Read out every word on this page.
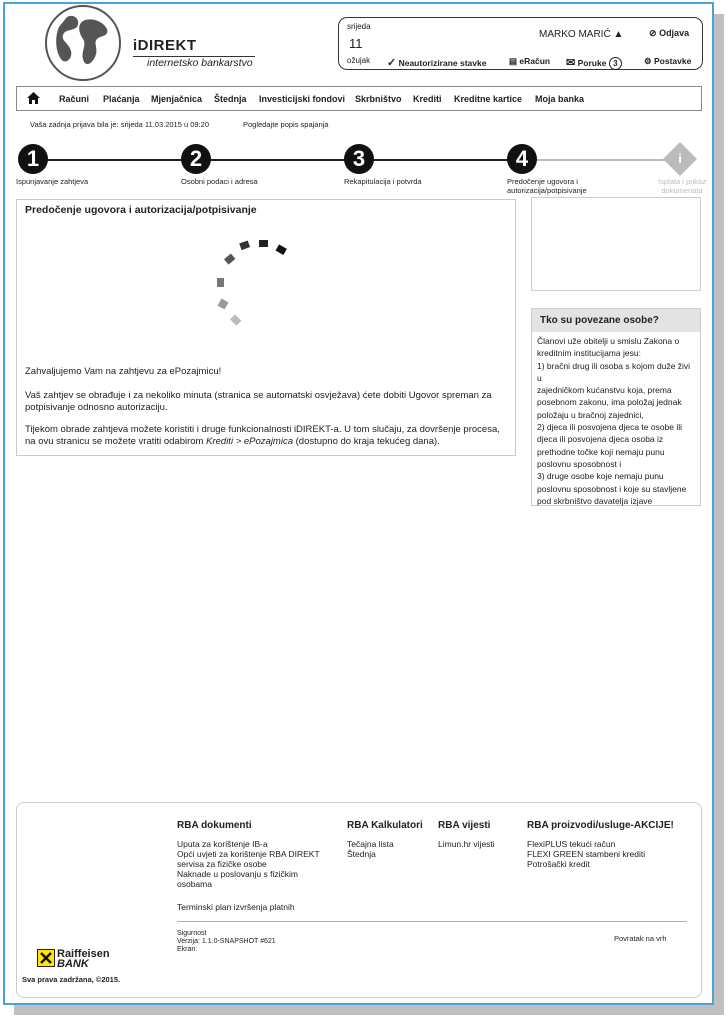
iDIREKT
internetsko bankarstvo
srijeda
11
ožujak
MARKO MARIĆ ▲	⊘ Odjava
✓ Neautorizirane stavke	▤ eRačun ✉ Poruke 3	⚙ Postavke
Računi Plaćanja Mjenjačnica Štednja Investicijski fondovi Skrbništvo Krediti Kreditne kartice Moja banka
Vaša zadnja prijava bila je: srijeda 11.03.2015 u 09:20	Pogledajte popis spajanja
1	2	3	4	i
Ispunjavanje zahtjeva	Osobni podaci i adresa	Rekapitulacija i potvrda	Predočenje ugovora i
autorizacija/potpisivanje
Isplata i prikaz
dokumenata
Predočenje ugovora i autorizacija/potpisivanje

Zahvaljujemo Vam na zahtjevu za ePozajmicu!

Vaš zahtjev se obrađuje i za nekoliko minuta (stranica se automatski osvježava) ćete dobiti Ugovor spreman za potpisivanje odnosno autorizaciju.

Tijekom obrade zahtjeva možete koristiti i druge funkcionalnosti iDIREKT-a. U tom slučaju, za dovršenje procesa, na ovu stranicu se možete vratiti odabirom Krediti > ePozajmica (dostupno do kraja tekućeg dana).

Tko su povezane osobe?
Članovi uže obitelji u smislu Zakona o
kreditnim institucijama jesu:
1) bračni drug ili osoba s kojom duže živi u
zajedničkom kućanstvu koja, prema
posebnom zakonu, ima položaj jednak
položaju u bračnoj zajednici,
2) djeca ili posvojena djeca te osobe ili
djeca ili posvojena djeca osoba iz
prethodne točke koji nemaju punu
poslovnu sposobnost i
3) druge osobe koje nemaju punu
poslovnu sposobnost i koje su stavljene
pod skrbništvo davatelja izjave
RBA dokumenti
Uputa za korištenje IB-a
Opći uvjeti za korištenje RBA DIREKT
servisa za fizičke osobe
Naknade u poslovanju s fizičkim
osobama
Terminski plan izvršenja platnih
RBA Kalkulatori
Tečajna lista
Štednja
RBA vijesti
Limun.hr vijesti
RBA proizvodi/usluge-AKCIJE!
FlexiPLUS tekući račun
FLEXI GREEN stambeni krediti
Potrošački kredit
Sigurnost
Verzija: 1.1.0-SNAPSHOT #621
Ekran:
Povratak na vrh
Raiffeisen
BANK
Sva prava zadržana, ©2015.
